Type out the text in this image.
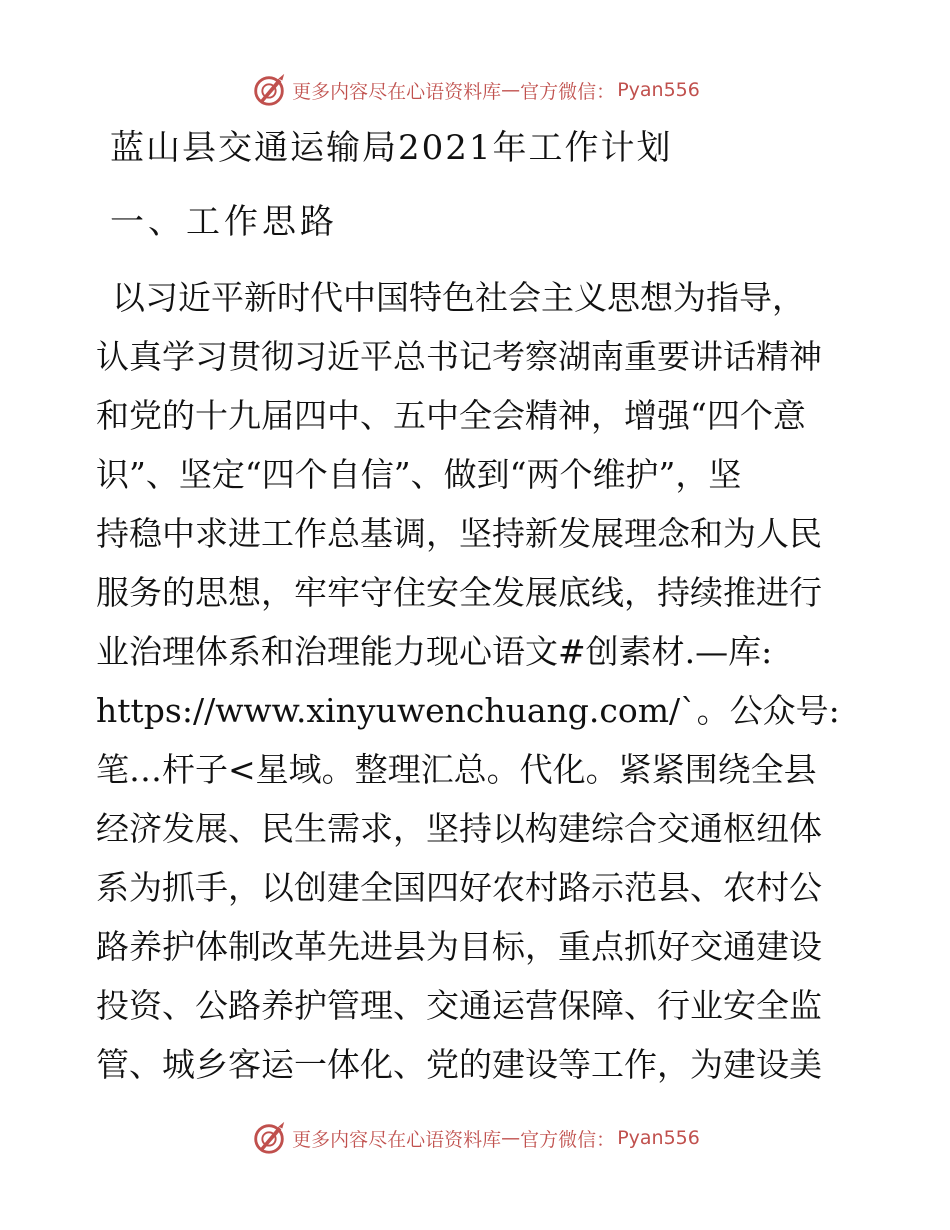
更多内容尽在心语资料库 — 官方微信： Pyan556
蓝山县交通运输局2021年工作计划
一、工作思路
以习近平新时代中国特色社会主义思想为指导，
认真学习贯彻习近平总书记考察湖南重要讲话精神
和党的十九届四中、五中全会精神，增强“四个意
识”、坚定“四个自信”、做到“两个维护”，坚
持稳中求进工作总基调，坚持新发展理念和为人民
服务的思想，牢牢守住安全发展底线，持续推进行
业治理体系和治理能力现心语文#创素材.—库:
https://www.xinyuwenchuang.com/`。公众号:
笔…杆子<星域。整理汇总。代化。紧紧围绕全县
经济发展、民生需求，坚持以构建综合交通枢纽体
系为抓手，以创建全国四好农村路示范县、农村公
路养护体制改革先进县为目标，重点抓好交通建设
投资、公路养护管理、交通运营保障、行业安全监
管、城乡客运一体化、党的建设等工作，为建设美
更多内容尽在心语资料库 — 官方微信： Pyan556
